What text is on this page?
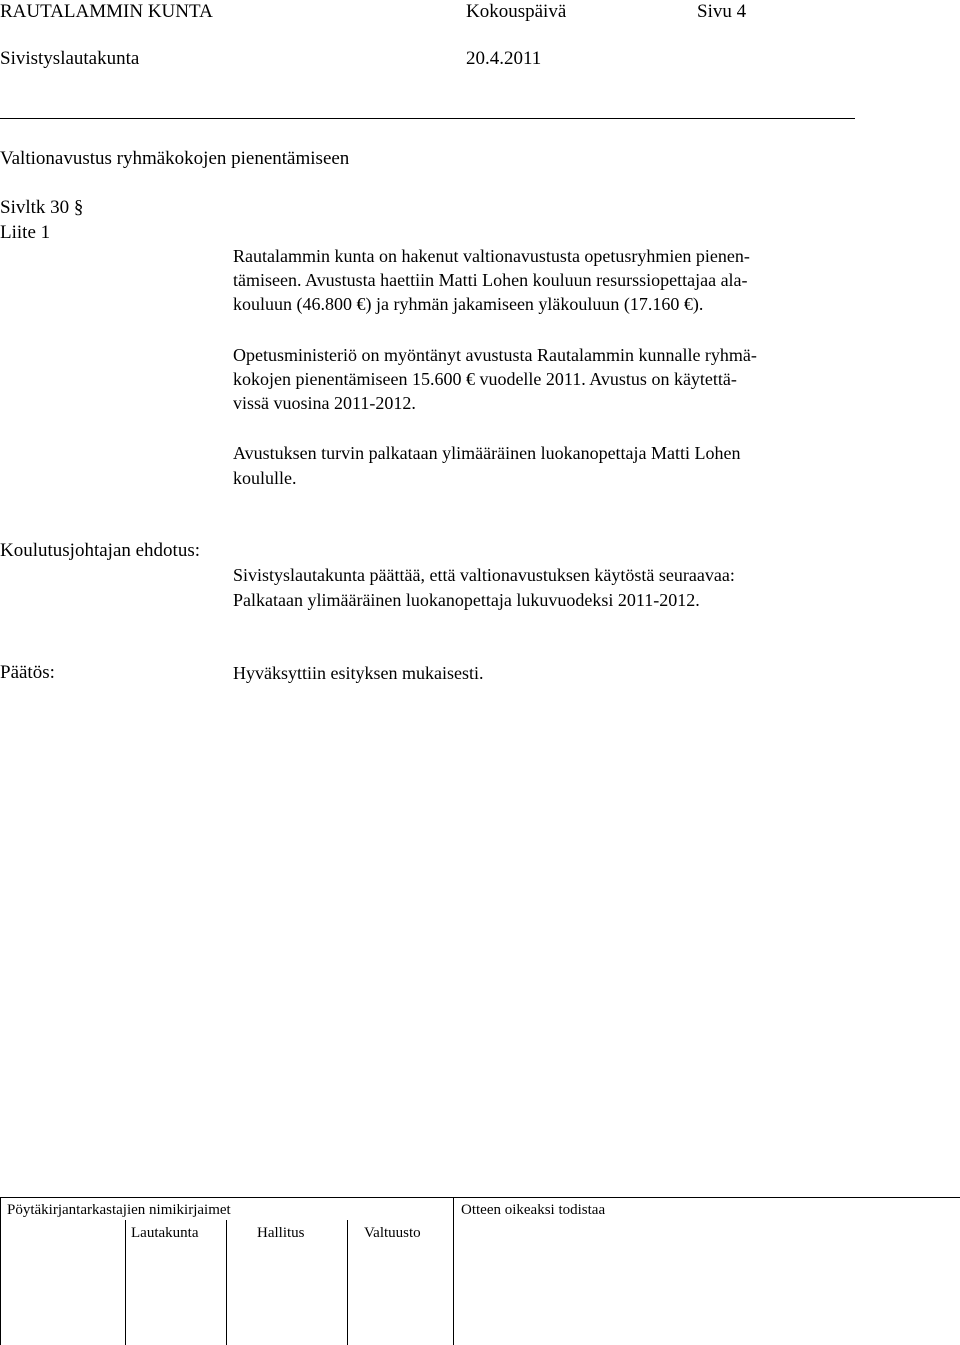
RAUTALAMMIN KUNTA	Kokouspäivä	Sivu 4
Sivistyslautakunta	20.4.2011
Valtionavustus ryhmäkokojen pienentämiseen
Sivltk 30 §
Liite 1
Rautalammin kunta on hakenut valtionavustusta opetusryhmien pienen-
tämiseen. Avustusta haettiin Matti Lohen kouluun resurssiopettajaa ala-
kouluun (46.800 €) ja ryhmän jakamiseen yläkouluun (17.160 €).
Opetusministeriö on myöntänyt avustusta Rautalammin kunnalle ryhmä-
kokojen pienentämiseen 15.600 € vuodelle 2011. Avustus on käytettä-
vissä vuosina 2011-2012.
Avustuksen turvin palkataan ylimääräinen luokanopettaja Matti Lohen
koululle.
Koulutusjohtajan ehdotus:
Sivistyslautakunta päättää, että valtionavustuksen käytöstä seuraavaa:
Palkataan ylimääräinen luokanopettaja lukuvuodeksi 2011-2012.
Päätös:	Hyväksyttiin esityksen mukaisesti.
Pöytäkirjantarkastajien nimikirjaimet
Lautakunta	Hallitus	Valtuusto
Otteen oikeaksi todistaa
